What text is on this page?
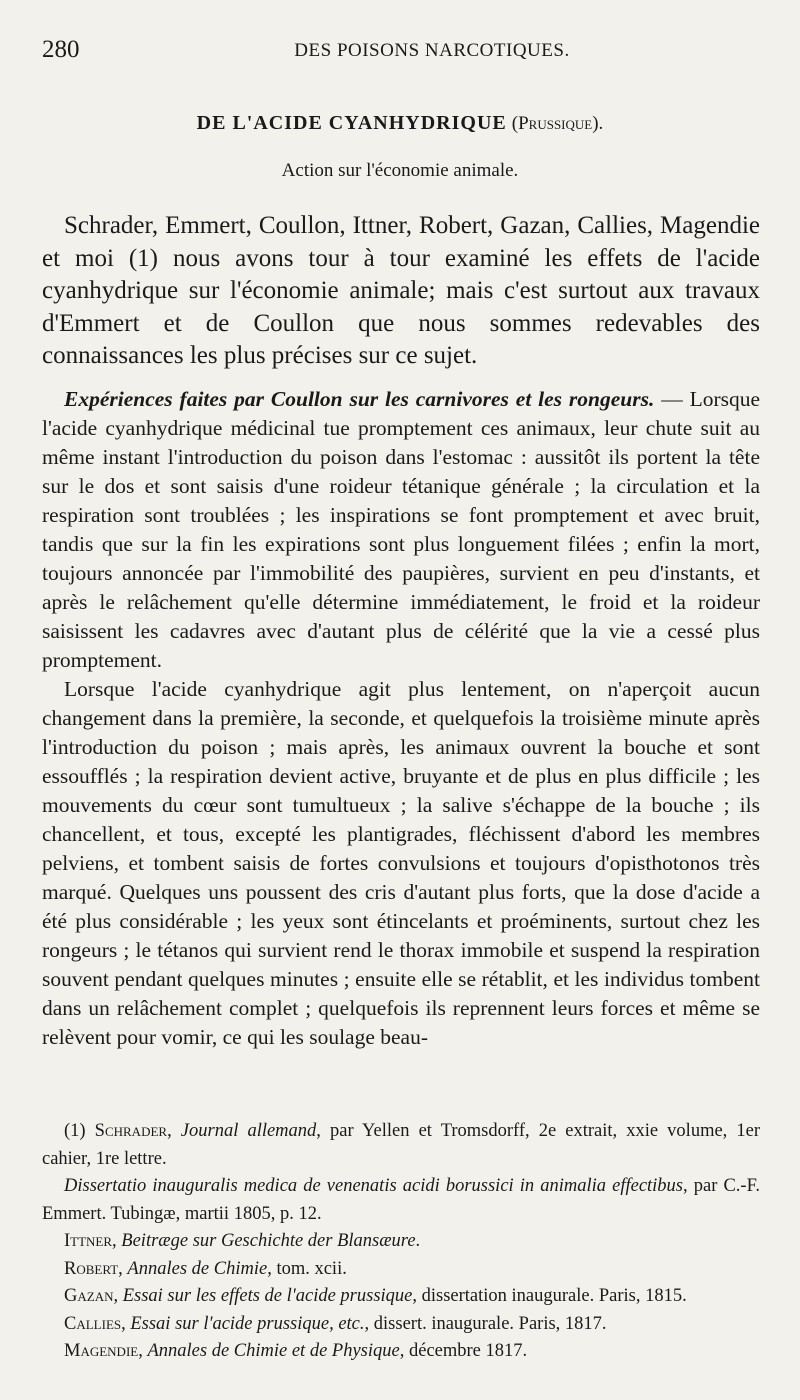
280	DES POISONS NARCOTIQUES.
DE L'ACIDE CYANHYDRIQUE (Prussique).
Action sur l'économie animale.

Schrader, Emmert, Coullon, Ittner, Robert, Gazan, Callies, Magendie et moi (1) nous avons tour à tour examiné les effets de l'acide cyanhydrique sur l'économie animale; mais c'est surtout aux travaux d'Emmert et de Coullon que nous sommes redevables des connaissances les plus précises sur ce sujet.

Expériences faites par Coullon sur les carnivores et les rongeurs. — Lorsque l'acide cyanhydrique médicinal tue promptement ces animaux, leur chute suit au même instant l'introduction du poison dans l'estomac : aussitôt ils portent la tête sur le dos et sont saisis d'une roideur tétanique générale ; la circulation et la respiration sont troublées ; les inspirations se font promptement et avec bruit, tandis que sur la fin les expirations sont plus longuement filées ; enfin la mort, toujours annoncée par l'immobilité des paupières, survient en peu d'instants, et après le relâchement qu'elle détermine immédiatement, le froid et la roideur saisissent les cadavres avec d'autant plus de célérité que la vie a cessé plus promptement.

Lorsque l'acide cyanhydrique agit plus lentement, on n'aperçoit aucun changement dans la première, la seconde, et quelquefois la troisième minute après l'introduction du poison ; mais après, les animaux ouvrent la bouche et sont essoufflés ; la respiration devient active, bruyante et de plus en plus difficile ; les mouvements du cœur sont tumultueux ; la salive s'échappe de la bouche ; ils chancellent, et tous, excepté les plantigrades, fléchissent d'abord les membres pelviens, et tombent saisis de fortes convulsions et toujours d'opisthotonos très marqué. Quelques uns poussent des cris d'autant plus forts, que la dose d'acide a été plus considérable ; les yeux sont étincelants et proéminents, surtout chez les rongeurs ; le tétanos qui survient rend le thorax immobile et suspend la respiration souvent pendant quelques minutes ; ensuite elle se rétablit, et les individus tombent dans un relâchement complet ; quelquefois ils reprennent leurs forces et même se relèvent pour vomir, ce qui les soulage beau-

(1) Schrader, Journal allemand, par Yellen et Tromsdorff, 2e extrait, xxie volume, 1er cahier, 1re lettre.

Dissertatio inauguralis medica de venenatis acidi borussici in animalia effectibus, par C.-F. Emmert. Tubingæ, martii 1805, p. 12.

Ittner, Beitræge sur Geschichte der Blansæure.

Robert, Annales de Chimie, tom. xcii.

Gazan, Essai sur les effets de l'acide prussique, dissertation inaugurale. Paris, 1815.

Callies, Essai sur l'acide prussique, etc., dissert. inaugurale. Paris, 1817.

Magendie, Annales de Chimie et de Physique, décembre 1817.
